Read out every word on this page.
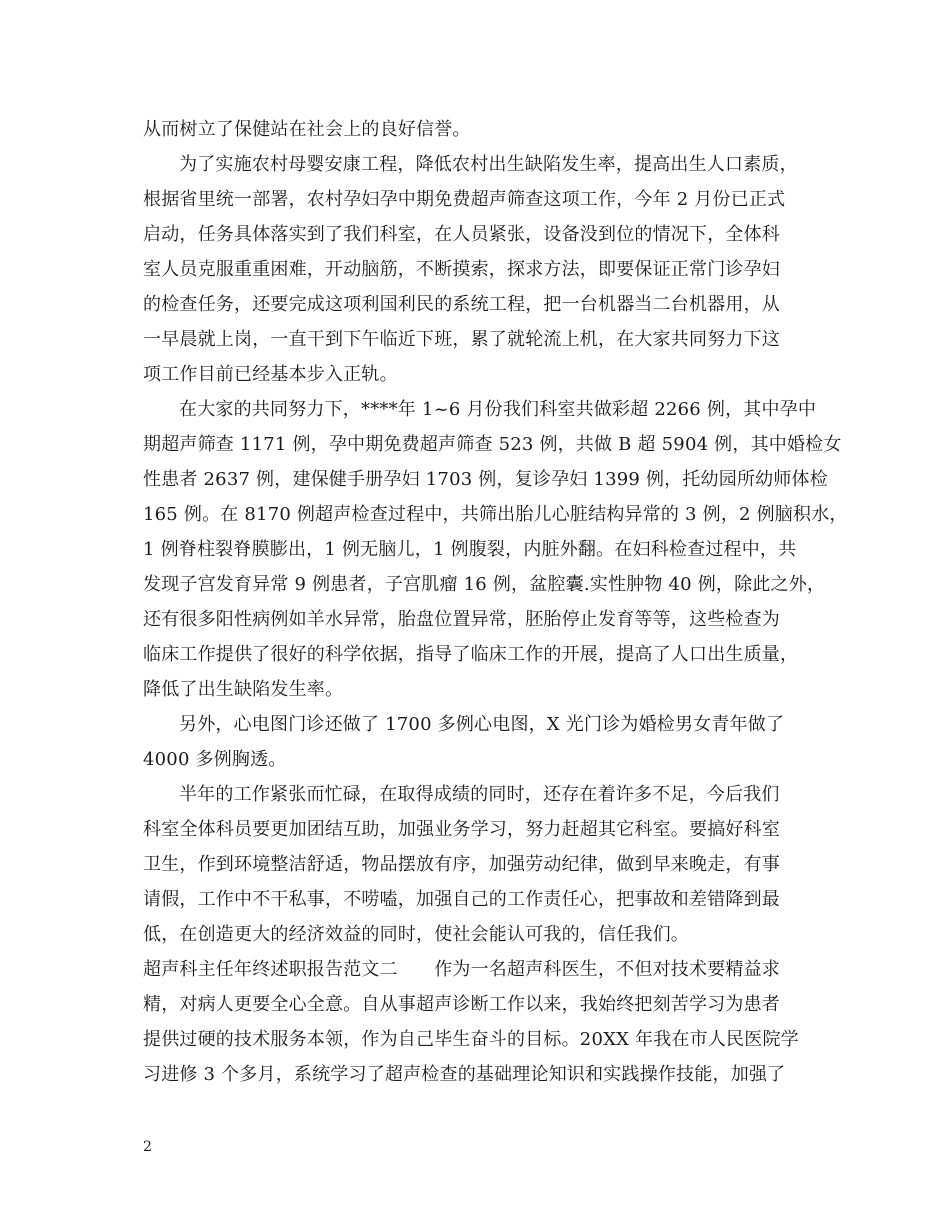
从而树立了保健站在社会上的良好信誉。
为了实施农村母婴安康工程，降低农村出生缺陷发生率，提高出生人口素质，
根据省里统一部署，农村孕妇孕中期免费超声筛查这项工作，今年 2 月份已正式
启动，任务具体落实到了我们科室，在人员紧张，设备没到位的情况下，全体科
室人员克服重重困难，开动脑筋，不断摸索，探求方法，即要保证正常门诊孕妇
的检查任务，还要完成这项利国利民的系统工程，把一台机器当二台机器用，从
一早晨就上岗，一直干到下午临近下班，累了就轮流上机，在大家共同努力下这
项工作目前已经基本步入正轨。
在大家的共同努力下，****年 1~6 月份我们科室共做彩超 2266 例，其中孕中
期超声筛查 1171 例，孕中期免费超声筛查 523 例，共做 B 超 5904 例，其中婚检女
性患者 2637 例，建保健手册孕妇 1703 例，复诊孕妇 1399 例，托幼园所幼师体检
165 例。在 8170 例超声检查过程中，共筛出胎儿心脏结构异常的 3 例，2 例脑积水，
1 例脊柱裂脊膜膨出，1 例无脑儿，1 例腹裂，内脏外翻。在妇科检查过程中，共
发现子宫发育异常 9 例患者，子宫肌瘤 16 例，盆腔囊.实性肿物 40 例，除此之外，
还有很多阳性病例如羊水异常，胎盘位置异常，胚胎停止发育等等，这些检查为
临床工作提供了很好的科学依据，指导了临床工作的开展，提高了人口出生质量，
降低了出生缺陷发生率。
另外，心电图门诊还做了 1700 多例心电图，X 光门诊为婚检男女青年做了
4000 多例胸透。
半年的工作紧张而忙碌，在取得成绩的同时，还存在着许多不足，今后我们
科室全体科员要更加团结互助，加强业务学习，努力赶超其它科室。要搞好科室
卫生，作到环境整洁舒适，物品摆放有序，加强劳动纪律，做到早来晚走，有事
请假，工作中不干私事，不唠嗑，加强自己的工作责任心，把事故和差错降到最
低，在创造更大的经济效益的同时，使社会能认可我的，信任我们。
超声科主任年终述职报告范文二　　作为一名超声科医生，不但对技术要精益求
精，对病人更要全心全意。自从事超声诊断工作以来，我始终把刻苦学习为患者
提供过硬的技术服务本领，作为自己毕生奋斗的目标。20XX 年我在市人民医院学
习进修 3 个多月，系统学习了超声检查的基础理论知识和实践操作技能，加强了
2
